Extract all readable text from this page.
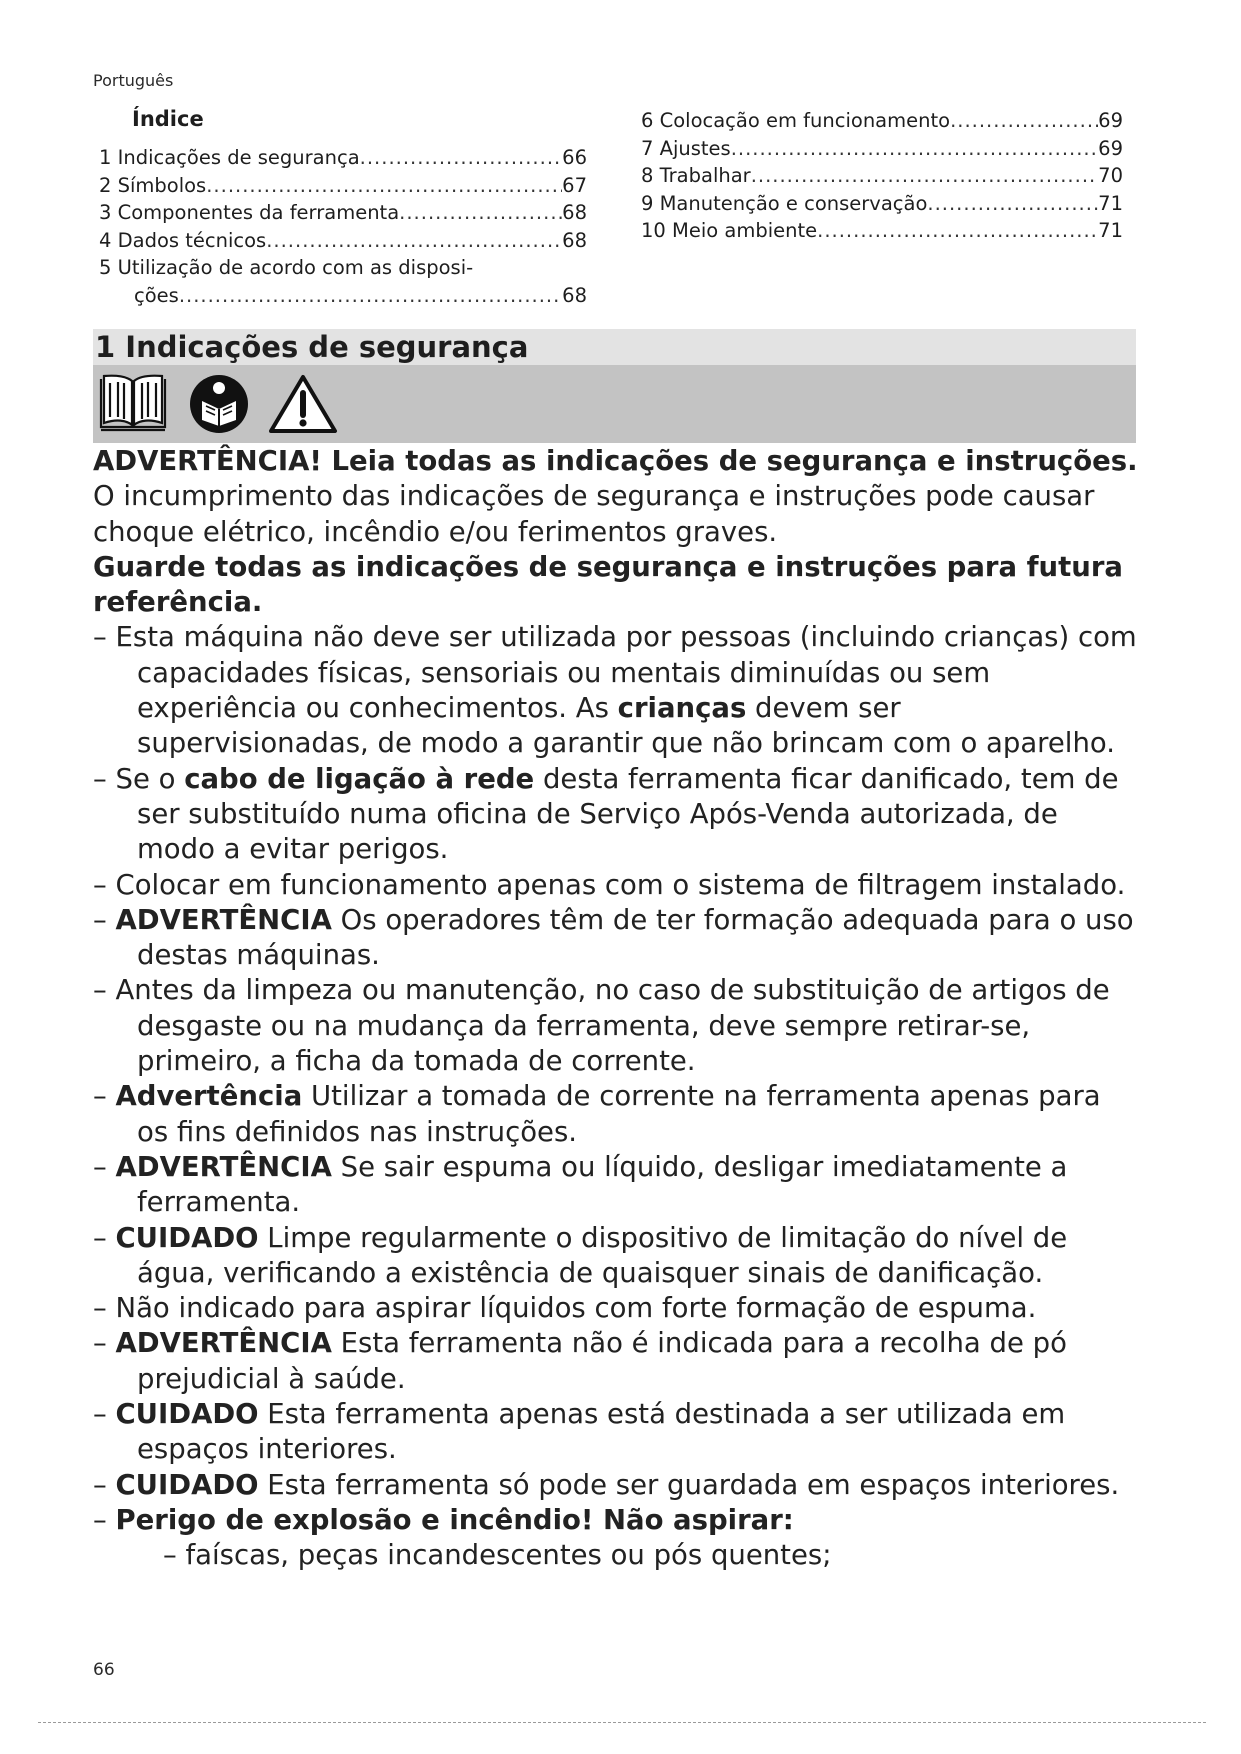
Português
Índice
1 Indicações de segurança .....	66
2 Símbolos .....	67
3 Componentes da ferramenta .....	68
4 Dados técnicos .....	68
5 Utilização de acordo com as disposi-
ções .....	68
6 Colocação em funcionamento .....	69
7 Ajustes .....	69
8 Trabalhar .....	70
9 Manutenção e conservação .....	71
10 Meio ambiente .....	71
1 Indicações de segurança

ADVERTÊNCIA! Leia todas as indicações de segurança e instruções. O incumprimento das indicações de segurança e instruções pode causar choque elétrico, incêndio e/ou ferimentos graves.

Guarde todas as indicações de segurança e instruções para futura referência.

– Esta máquina não deve ser utilizada por pessoas (incluindo crianças) com capacidades físicas, sensoriais ou mentais diminuídas ou sem experiência ou conhecimentos. As crianças devem ser supervisionadas, de modo a garantir que não brincam com o aparelho.

– Se o cabo de ligação à rede desta ferramenta ficar danificado, tem de ser substituído numa oficina de Serviço Após-Venda autorizada, de modo a evitar perigos.

– Colocar em funcionamento apenas com o sistema de filtragem instalado.

– ADVERTÊNCIA Os operadores têm de ter formação adequada para o uso destas máquinas.

– Antes da limpeza ou manutenção, no caso de substituição de artigos de desgaste ou na mudança da ferramenta, deve sempre retirar-se, primeiro, a ficha da tomada de corrente.

– Advertência Utilizar a tomada de corrente na ferramenta apenas para os fins definidos nas instruções.

– ADVERTÊNCIA Se sair espuma ou líquido, desligar imediatamente a ferramenta.

– CUIDADO Limpe regularmente o dispositivo de limitação do nível de água, verificando a existência de quaisquer sinais de danificação.

– Não indicado para aspirar líquidos com forte formação de espuma.

– ADVERTÊNCIA Esta ferramenta não é indicada para a recolha de pó prejudicial à saúde.

– CUIDADO Esta ferramenta apenas está destinada a ser utilizada em espaços interiores.

– CUIDADO Esta ferramenta só pode ser guardada em espaços interiores.

– Perigo de explosão e incêndio! Não aspirar:

– faíscas, peças incandescentes ou pós quentes;

66
